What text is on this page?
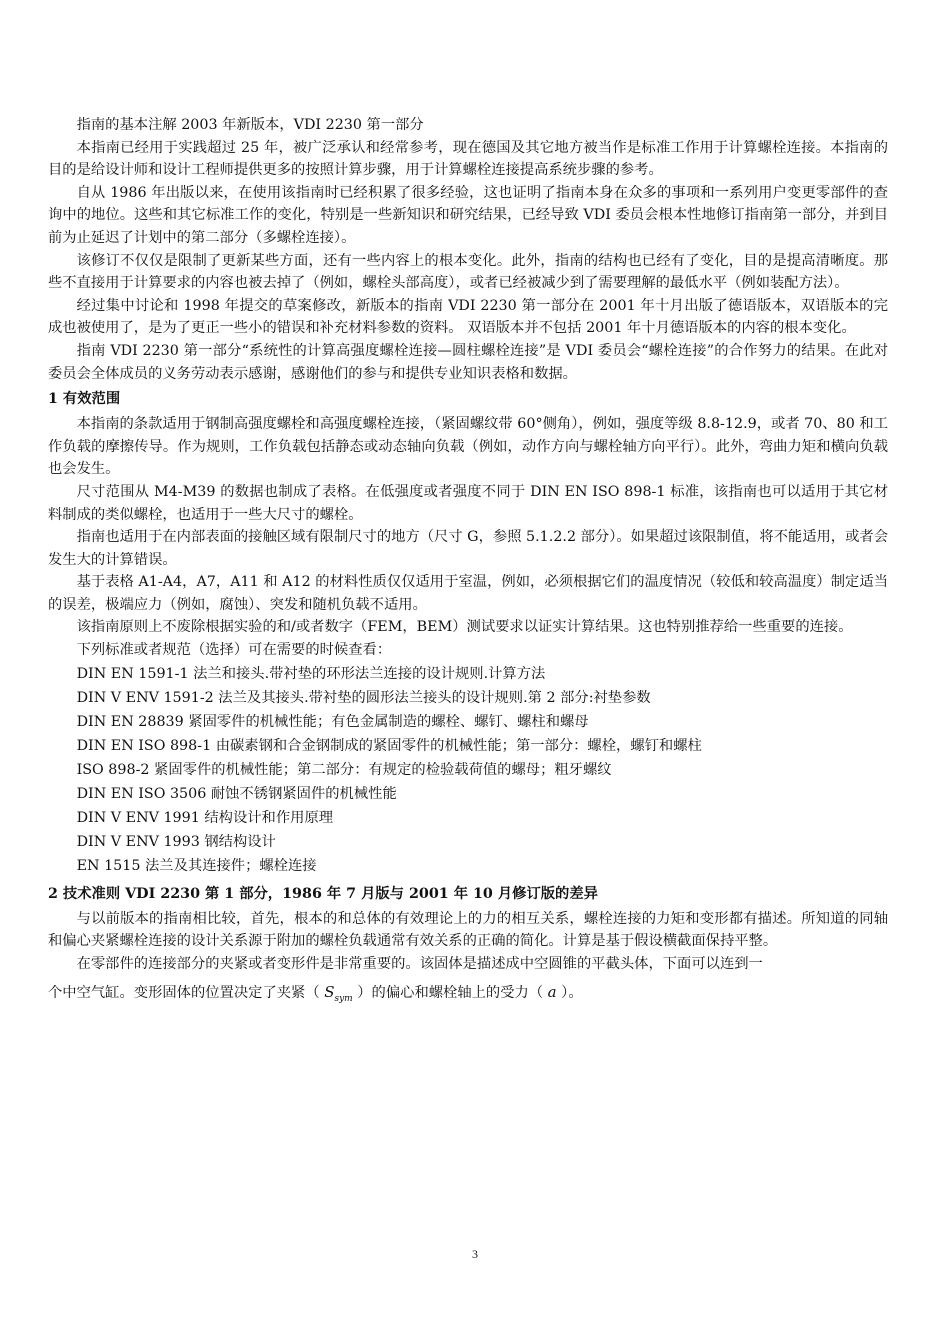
指南的基本注解 2003 年新版本，VDI 2230 第一部分

本指南已经用于实践超过 25 年，被广泛承认和经常参考，现在德国及其它地方被当作是标准工作用于计算螺栓连接。本指南的目的是给设计师和设计工程师提供更多的按照计算步骤，用于计算螺栓连接提高系统步骤的参考。

自从 1986 年出版以来，在使用该指南时已经积累了很多经验，这也证明了指南本身在众多的事项和一系列用户变更零部件的查询中的地位。这些和其它标准工作的变化，特别是一些新知识和研究结果，已经导致 VDI 委员会根本性地修订指南第一部分，并到目前为止延迟了计划中的第二部分（多螺栓连接）。

该修订不仅仅是限制了更新某些方面，还有一些内容上的根本变化。此外，指南的结构也已经有了变化，目的是提高清晰度。那些不直接用于计算要求的内容也被去掉了（例如，螺栓头部高度），或者已经被减少到了需要理解的最低水平（例如装配方法）。

经过集中讨论和 1998 年提交的草案修改，新版本的指南 VDI 2230 第一部分在 2001 年十月出版了德语版本，双语版本的完成也被使用了，是为了更正一些小的错误和补充材料参数的资料。 双语版本并不包括 2001 年十月德语版本的内容的根本变化。

指南 VDI 2230 第一部分“系统性的计算高强度螺栓连接—圆柱螺栓连接”是 VDI 委员会“螺栓连接”的合作努力的结果。在此对委员会全体成员的义务劳动表示感谢，感谢他们的参与和提供专业知识表格和数据。

1 有效范围

本指南的条款适用于钢制高强度螺栓和高强度螺栓连接，（紧固螺纹带 60°侧角），例如，强度等级 8.8-12.9，或者 70、80 和工作负载的摩擦传导。作为规则，工作负载包括静态或动态轴向负载（例如，动作方向与螺栓轴方向平行）。此外，弯曲力矩和横向负载也会发生。

尺寸范围从 M4-M39 的数据也制成了表格。在低强度或者强度不同于 DIN EN ISO 898-1 标准，该指南也可以适用于其它材料制成的类似螺栓，也适用于一些大尺寸的螺栓。

指南也适用于在内部表面的接触区域有限制尺寸的地方（尺寸 G，参照 5.1.2.2 部分）。如果超过该限制值，将不能适用，或者会发生大的计算错误。

基于表格 A1-A4，A7，A11 和 A12 的材料性质仅仅适用于室温，例如，必须根据它们的温度情况（较低和较高温度）制定适当的误差，极端应力（例如，腐蚀）、突发和随机负载不适用。

该指南原则上不废除根据实验的和/或者数字（FEM，BEM）测试要求以证实计算结果。这也特别推荐给一些重要的连接。

下列标准或者规范（选择）可在需要的时候查看：

DIN EN 1591-1 法兰和接头.带衬垫的环形法兰连接的设计规则.计算方法

DIN V ENV 1591-2 法兰及其接头.带衬垫的圆形法兰接头的设计规则.第 2 部分:衬垫参数

DIN EN 28839 紧固零件的机械性能；有色金属制造的螺栓、螺钉、螺柱和螺母

DIN EN ISO 898-1 由碳素钢和合金钢制成的紧固零件的机械性能；第一部分：螺栓，螺钉和螺柱

ISO 898-2 紧固零件的机械性能；第二部分：有规定的检验载荷值的螺母；粗牙螺纹

DIN EN ISO 3506 耐蚀不锈钢紧固件的机械性能

DIN V ENV 1991 结构设计和作用原理

DIN V ENV 1993 钢结构设计

EN 1515 法兰及其连接件；螺栓连接

2 技术准则 VDI 2230 第 1 部分，1986 年 7 月版与 2001 年 10 月修订版的差异

与以前版本的指南相比较，首先，根本的和总体的有效理论上的力的相互关系，螺栓连接的力矩和变形都有描述。所知道的同轴和偏心夹紧螺栓连接的设计关系源于附加的螺栓负载通常有效关系的正确的简化。计算是基于假设横截面保持平整。

在零部件的连接部分的夹紧或者变形件是非常重要的。该固体是描述成中空圆锥的平截头体，下面可以连到一

个中空气缸。变形固体的位置决定了夹紧（ $S_{sym}$ ）的偏心和螺栓轴上的受力（ a ）。

3
